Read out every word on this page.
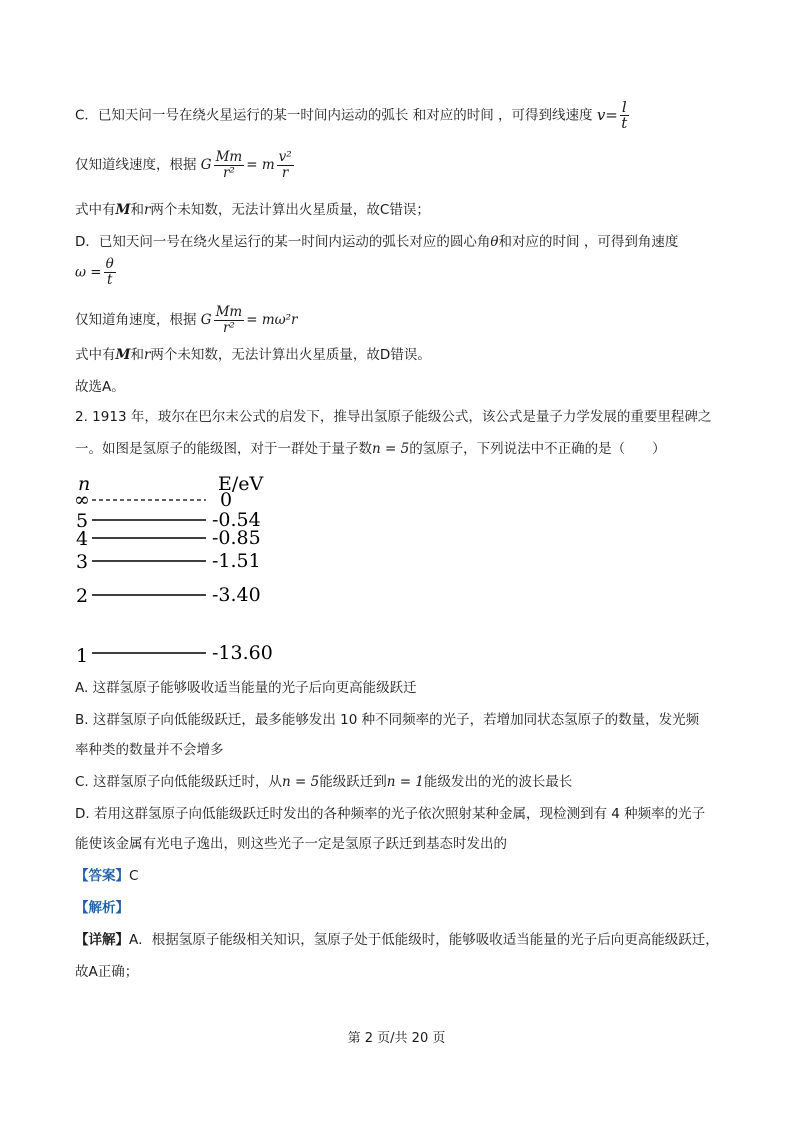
C．已知天问一号在绕火星运行的某一时间内运动的弧长 和对应的时间 ，可得到线速度 $v= \frac{l}{t}$
仅知道线速度，根据 G $\frac{Mm}{\text{r²}} = m \frac{\text{v²}}{r}$
式中有M和r两个未知数，无法计算出火星质量，故C错误；
D．已知天问一号在绕火星运行的某一时间内运动的弧长对应的圆心角θ和对应的时间 ，可得到角速度
$\omega = \frac{\theta}{t}$
仅知道角速度，根据 G $\frac{Mm}{\text{r²}} = m\omega^2r$
式中有M和r两个未知数，无法计算出火星质量，故D错误。
故选A。
2. 1913 年，玻尔在巴尔末公式的启发下，推导出氢原子能级公式，该公式是量子力学发展的重要里程碑之
一。如图是氢原子的能级图，对于一群处于量子数n = 5的氢原子，下列说法中不正确的是（　　）
n	E/eV
∞	0
5	-0.54
4	-0.85
3	-1.51
2	-3.40
1	-13.60
A. 这群氢原子能够吸收适当能量的光子后向更高能级跃迁
B. 这群氢原子向低能级跃迁，最多能够发出 10 种不同频率的光子，若增加同状态氢原子的数量，发光频
率种类的数量并不会增多
C. 这群氢原子向低能级跃迁时，从n = 5能级跃迁到n = 1能级发出的光的波长最长
D. 若用这群氢原子向低能级跃迁时发出的各种频率的光子依次照射某种金属，现检测到有 4 种频率的光子
能使该金属有光电子逸出，则这些光子一定是氢原子跃迁到基态时发出的
【答案】C
【解析】
【详解】A．根据氢原子能级相关知识，氢原子处于低能级时，能够吸收适当能量的光子后向更高能级跃迁，
故A正确；
第 2 页/共 20 页
